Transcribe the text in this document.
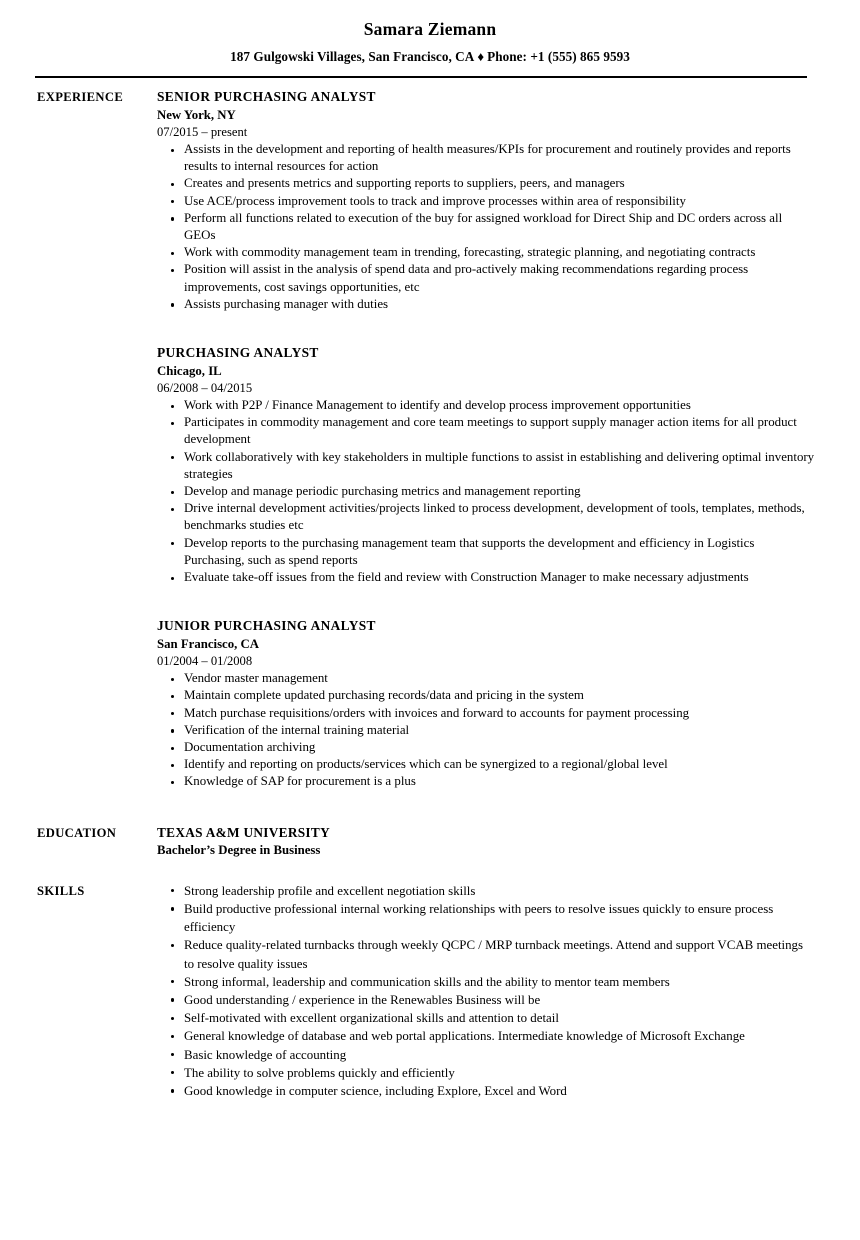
Samara Ziemann
187 Gulgowski Villages, San Francisco, CA ♦ Phone: +1 (555) 865 9593
EXPERIENCE	SENIOR PURCHASING ANALYST
New York, NY
07/2015 – present
Assists in the development and reporting of health measures/KPIs for procurement and routinely provides and reports results to internal resources for action
Creates and presents metrics and supporting reports to suppliers, peers, and managers
Use ACE/process improvement tools to track and improve processes within area of responsibility
Perform all functions related to execution of the buy for assigned workload for Direct Ship and DC orders across all GEOs
Work with commodity management team in trending, forecasting, strategic planning, and negotiating contracts
Position will assist in the analysis of spend data and pro-actively making recommendations regarding process improvements, cost savings opportunities, etc
Assists purchasing manager with duties
PURCHASING ANALYST
Chicago, IL
06/2008 – 04/2015
Work with P2P / Finance Management to identify and develop process improvement opportunities
Participates in commodity management and core team meetings to support supply manager action items for all product development
Work collaboratively with key stakeholders in multiple functions to assist in establishing and delivering optimal inventory strategies
Develop and manage periodic purchasing metrics and management reporting
Drive internal development activities/projects linked to process development, development of tools, templates, methods, benchmarks studies etc
Develop reports to the purchasing management team that supports the development and efficiency in Logistics Purchasing, such as spend reports
Evaluate take-off issues from the field and review with Construction Manager to make necessary adjustments
JUNIOR PURCHASING ANALYST
San Francisco, CA
01/2004 – 01/2008
Vendor master management
Maintain complete updated purchasing records/data and pricing in the system
Match purchase requisitions/orders with invoices and forward to accounts for payment processing
Verification of the internal training material
Documentation archiving
Identify and reporting on products/services which can be synergized to a regional/global level
Knowledge of SAP for procurement is a plus
EDUCATION	TEXAS A&M UNIVERSITY
Bachelor’s Degree in Business
SKILLS	Strong leadership profile and excellent negotiation skills
Build productive professional internal working relationships with peers to resolve issues quickly to ensure process efficiency
Reduce quality-related turnbacks through weekly QCPC / MRP turnback meetings. Attend and support VCAB meetings to resolve quality issues
Strong informal, leadership and communication skills and the ability to mentor team members
Good understanding / experience in the Renewables Business will be
Self-motivated with excellent organizational skills and attention to detail
General knowledge of database and web portal applications. Intermediate knowledge of Microsoft Exchange
Basic knowledge of accounting
The ability to solve problems quickly and efficiently
Good knowledge in computer science, including Explore, Excel and Word
